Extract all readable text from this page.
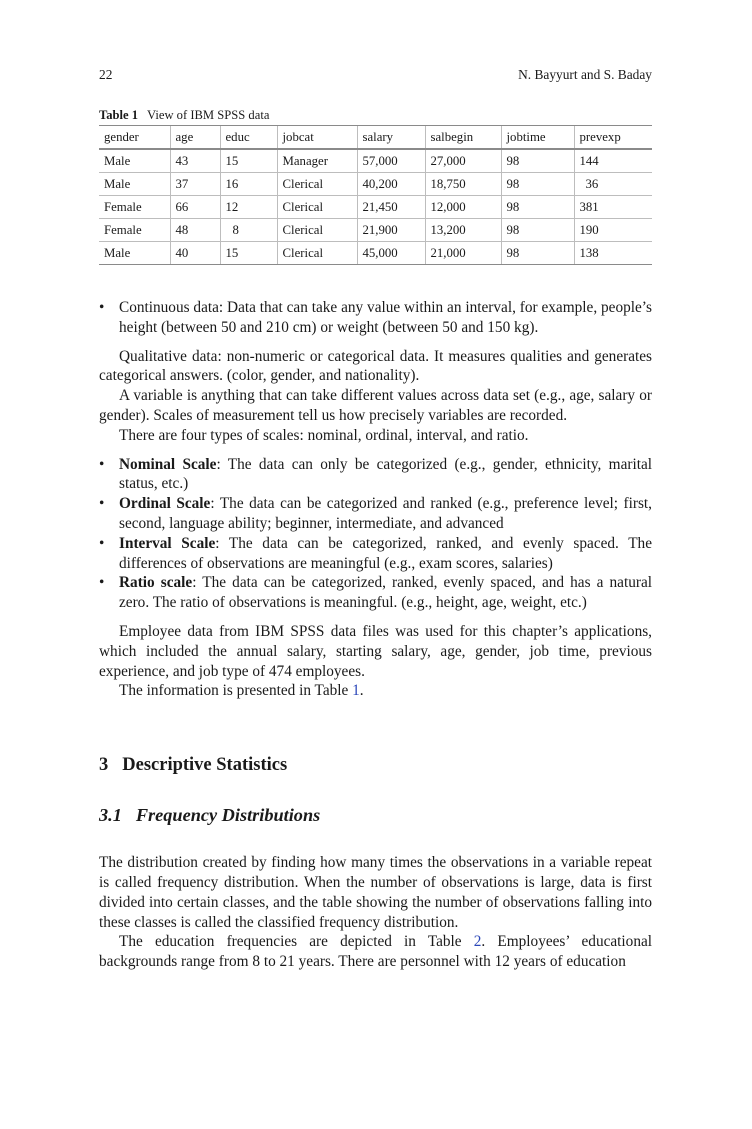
22	N. Bayyurt and S. Baday
Table 1 View of IBM SPSS data
gender	age	educ	jobcat	salary	salbegin	jobtime	prevexp
Male	43	15	Manager	57,000	27,000	98	144
Male	37	16	Clerical	40,200	18,750	98	36
Female	66	12	Clerical	21,450	12,000	98	381
Female	48	8	Clerical	21,900	13,200	98	190
Male	40	15	Clerical	45,000	21,000	98	138
• Continuous data: Data that can take any value within an interval, for example, people’s height (between 50 and 210 cm) or weight (between 50 and 150 kg).

Qualitative data: non-numeric or categorical data. It measures qualities and generates categorical answers. (color, gender, and nationality).

A variable is anything that can take different values across data set (e.g., age, salary or gender). Scales of measurement tell us how precisely variables are recorded.

There are four types of scales: nominal, ordinal, interval, and ratio.

• Nominal Scale: The data can only be categorized (e.g., gender, ethnicity, marital status, etc.)
• Ordinal Scale: The data can be categorized and ranked (e.g., preference level; first, second, language ability; beginner, intermediate, and advanced
• Interval Scale: The data can be categorized, ranked, and evenly spaced. The differences of observations are meaningful (e.g., exam scores, salaries)
• Ratio scale: The data can be categorized, ranked, evenly spaced, and has a natural zero. The ratio of observations is meaningful. (e.g., height, age, weight, etc.)

Employee data from IBM SPSS data files was used for this chapter’s applications, which included the annual salary, starting salary, age, gender, job time, previous experience, and job type of 474 employees.

The information is presented in Table 1.

3 Descriptive Statistics
3.1 Frequency Distributions

The distribution created by finding how many times the observations in a variable repeat is called frequency distribution. When the number of observations is large, data is first divided into certain classes, and the table showing the number of observations falling into these classes is called the classified frequency distribution.

The education frequencies are depicted in Table 2. Employees’ educational backgrounds range from 8 to 21 years. There are personnel with 12 years of education
